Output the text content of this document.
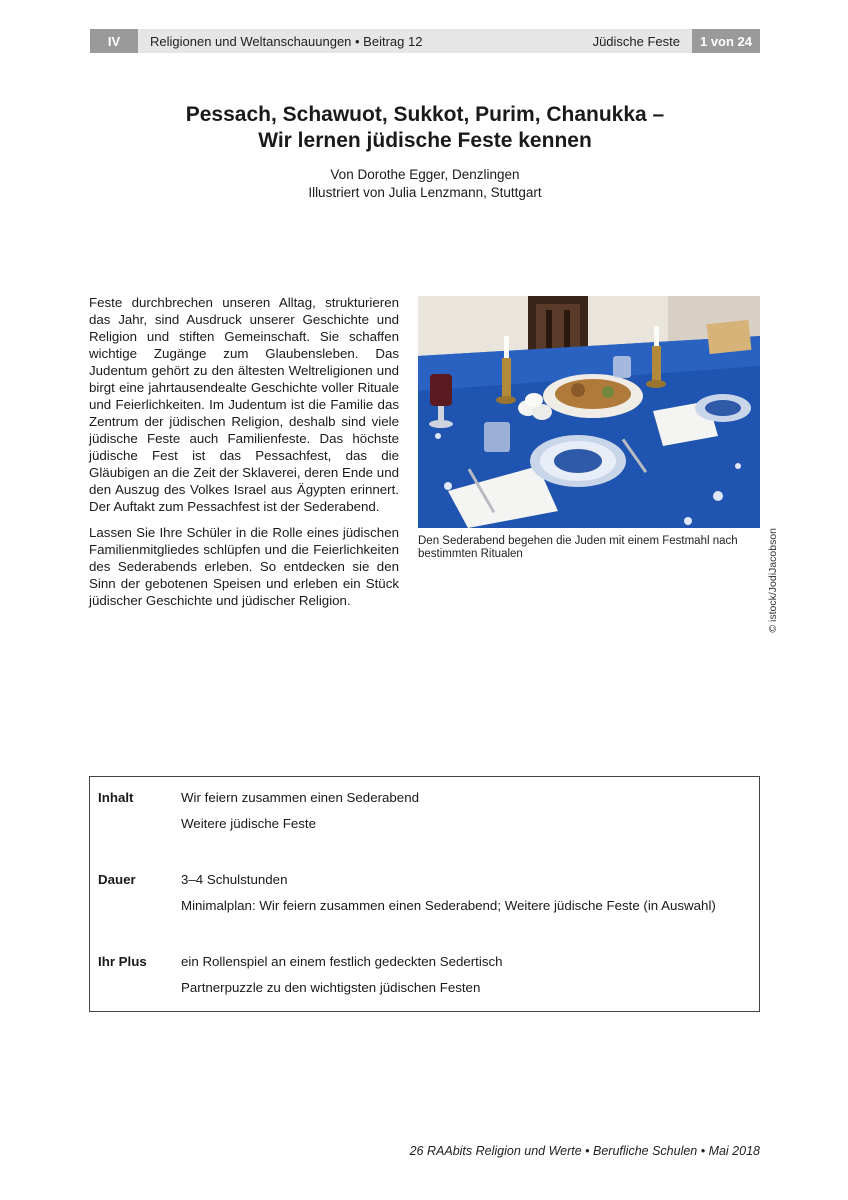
IV	Religionen und Weltanschauungen • Beitrag 12	Jüdische Feste	1 von 24
Pessach, Schawuot, Sukkot, Purim, Chanukka –
Wir lernen jüdische Feste kennen
Von Dorothe Egger, Denzlingen
Illustriert von Julia Lenzmann, Stuttgart

Feste durchbrechen unseren Alltag, strukturieren das Jahr, sind Ausdruck unserer Geschichte und Religion und stiften Gemeinschaft. Sie schaffen wichtige Zugänge zum Glaubensleben. Das Judentum gehört zu den ältesten Weltreligionen und birgt eine jahrtausendealte Geschichte voller Rituale und Feierlichkeiten. Im Judentum ist die Familie das Zentrum der jüdischen Religion, deshalb sind viele jüdische Feste auch Familienfeste. Das höchste jüdische Fest ist das Pessachfest, das die Gläubigen an die Zeit der Sklaverei, deren Ende und den Auszug des Volkes Israel aus Ägypten erinnert. Der Auftakt zum Pessachfest ist der Sederabend.

Lassen Sie Ihre Schüler in die Rolle eines jüdischen Familienmitgliedes schlüpfen und die Feierlichkeiten des Sederabends erleben. So entdecken sie den Sinn der gebotenen Speisen und erleben ein Stück jüdischer Geschichte und jüdischer Religion.	© istock/JodiJacobson
Den Sederabend begehen die Juden mit einem Festmahl nach bestimmten Ritualen
Inhalt	Wir feiern zusammen einen Sederabend
Weitere jüdische Feste
Dauer	3–4 Schulstunden
Minimalplan: Wir feiern zusammen einen Sederabend; Weitere jüdische Feste (in Auswahl)
Ihr Plus	ein Rollenspiel an einem festlich gedeckten Sedertisch
Partnerpuzzle zu den wichtigsten jüdischen Festen
26 RAAbits Religion und Werte • Berufliche Schulen • Mai 2018
